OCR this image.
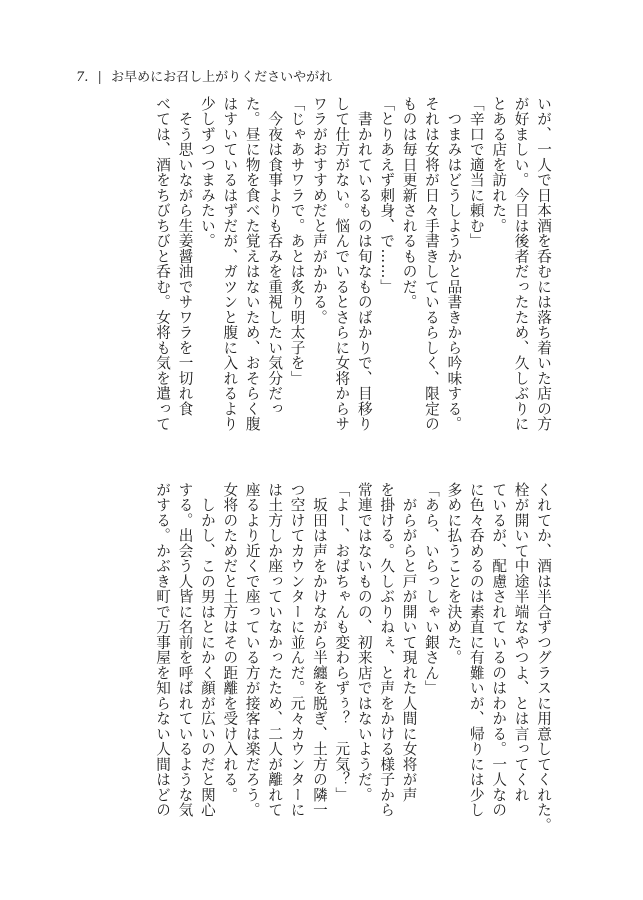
7. | お早めにお召し上がりくださいやがれ
いが、一人で日本酒を呑むには落ち着いた店の方
が好ましい。今日は後者だったため、久しぶりに
とある店を訪れた。
「辛口で適当に頼む」
　つまみはどうしようかと品書きから吟味する。
それは女将が日々手書きしているらしく、限定の
ものは毎日更新されるものだ。
「とりあえず刺身、で……」
　書かれているものは旬なものばかりで、目移り
して仕方がない。悩んでいるとさらに女将からサ
ワラがおすすめだと声がかかる。
「じゃあサワラで。あとは炙り明太子を」
　今夜は食事よりも呑みを重視したい気分だっ
た。昼に物を食べた覚えはないため、おそらく腹
はすいているはずだが、ガツンと腹に入れるより
少しずつつまみたい。
　そう思いながら生姜醤油でサワラを一切れ食
べては、酒をちびちびと呑む。女将も気を遣って
くれてか、酒は半合ずつグラスに用意してくれた。
栓が開いて中途半端なやつよ、とは言ってくれ
ているが、配慮されているのはわかる。一人なの
に色々呑めるのは素直に有難いが、帰りには少し
多めに払うことを決めた。
「あら、いらっしゃい銀さん」
　がらがらと戸が開いて現れた人間に女将が声
を掛ける。久しぶりねぇ、と声をかける様子から
常連ではないものの、初来店ではないようだ。
「よー、おばちゃんも変わらずぅ？　元気？」
　坂田は声をかけながら半纏を脱ぎ、土方の隣一
つ空けてカウンターに並んだ。元々カウンターに
は土方しか座っていなかったため、二人が離れて
座るより近くで座っている方が接客は楽だろう。
女将のためだと土方はその距離を受け入れる。
　しかし、この男はとにかく顔が広いのだと関心
する。出会う人皆に名前を呼ばれているような気
がする。かぶき町で万事屋を知らない人間はどの
